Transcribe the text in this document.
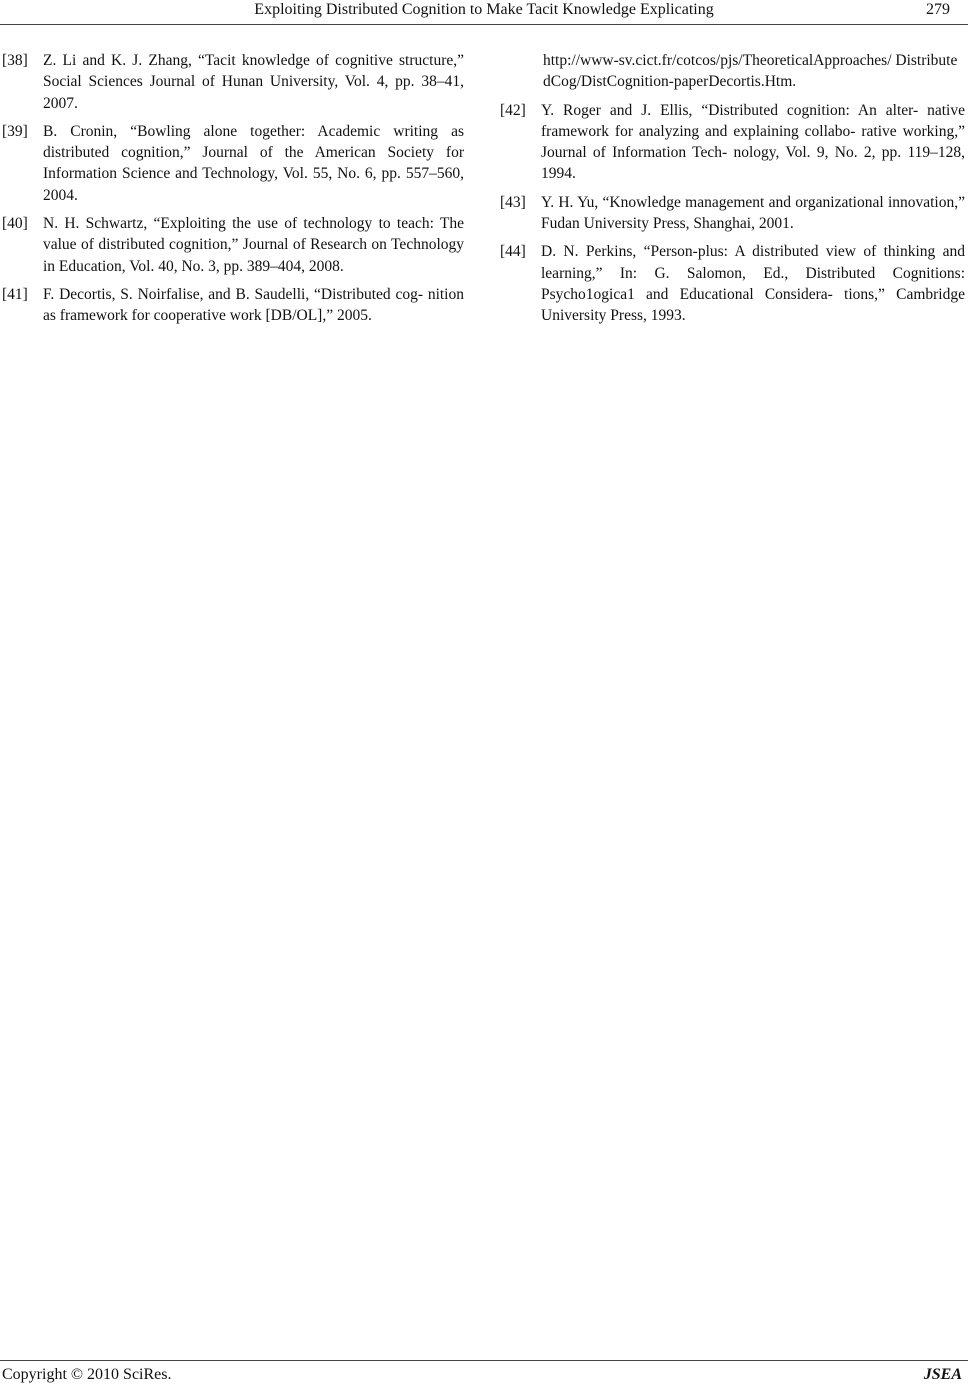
Exploiting Distributed Cognition to Make Tacit Knowledge Explicating	279
[38] Z. Li and K. J. Zhang, “Tacit knowledge of cognitive structure,” Social Sciences Journal of Hunan University, Vol. 4, pp. 38–41, 2007.
[39] B. Cronin, “Bowling alone together: Academic writing as distributed cognition,” Journal of the American Society for Information Science and Technology, Vol. 55, No. 6, pp. 557–560, 2004.
[40] N. H. Schwartz, “Exploiting the use of technology to teach: The value of distributed cognition,” Journal of Research on Technology in Education, Vol. 40, No. 3, pp. 389–404, 2008.
[41] F. Decortis, S. Noirfalise, and B. Saudelli, “Distributed cog- nition as framework for cooperative work [DB/OL],” 2005.
http://www-sv.cict.fr/cotcos/pjs/TheoreticalApproaches/ DistributedCog/DistCognition-paperDecortis.Htm.
[42] Y. Roger and J. Ellis, “Distributed cognition: An alter- native framework for analyzing and explaining collabo- rative working,” Journal of Information Tech- nology, Vol. 9, No. 2, pp. 119–128, 1994.
[43] Y. H. Yu, “Knowledge management and organizational innovation,” Fudan University Press, Shanghai, 2001.
[44] D. N. Perkins, “Person-plus: A distributed view of thinking and learning,” In: G. Salomon, Ed., Distributed Cognitions: Psycho1ogica1 and Educational Considera- tions,” Cambridge University Press, 1993.
Copyright © 2010 SciRes.	JSEA
